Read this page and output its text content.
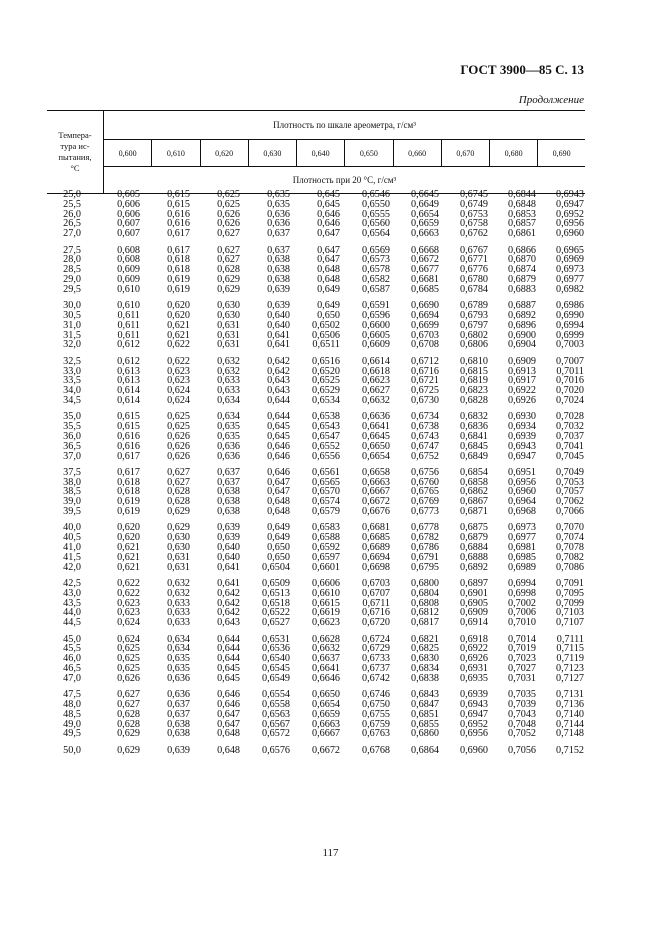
ГОСТ 3900—85 С. 13
Продолжение
Темпера-
тура ис-
пытания,
°С	Плотность по шкале ареометра, г/см³									
	0,600	0,610	0,620	0,630	0,640	0,650	0,660	0,670	0,680	0,690
	Плотность при 20 °С, г/см³									
25,0	0,605	0,615	0,625	0,635	0,645	0,6546	0,6645	0,6745	0,6844	0,6943
25,5	0,606	0,615	0,625	0,635	0,645	0,6550	0,6649	0,6749	0,6848	0,6947
26,0	0,606	0,616	0,626	0,636	0,646	0,6555	0,6654	0,6753	0,6853	0,6952
26,5	0,607	0,616	0,626	0,636	0,646	0,6560	0,6659	0,6758	0,6857	0,6956
27,0	0,607	0,617	0,627	0,637	0,647	0,6564	0,6663	0,6762	0,6861	0,6960
27,5	0,608	0,617	0,627	0,637	0,647	0,6569	0,6668	0,6767	0,6866	0,6965
28,0	0,608	0,618	0,627	0,638	0,647	0,6573	0,6672	0,6771	0,6870	0,6969
28,5	0,609	0,618	0,628	0,638	0,648	0,6578	0,6677	0,6776	0,6874	0,6973
29,0	0,609	0,619	0,629	0,638	0,648	0,6582	0,6681	0,6780	0,6879	0,6977
29,5	0,610	0,619	0,629	0,639	0,649	0,6587	0,6685	0,6784	0,6883	0,6982
30,0	0,610	0,620	0,630	0,639	0,649	0,6591	0,6690	0,6789	0,6887	0,6986
30,5	0,611	0,620	0,630	0,640	0,650	0,6596	0,6694	0,6793	0,6892	0,6990
31,0	0,611	0,621	0,631	0,640	0,6502	0,6600	0,6699	0,6797	0,6896	0,6994
31,5	0,611	0,621	0,631	0,641	0,6506	0,6605	0,6703	0,6802	0,6900	0,6999
32,0	0,612	0,622	0,631	0,641	0,6511	0,6609	0,6708	0,6806	0,6904	0,7003
32,5	0,612	0,622	0,632	0,642	0,6516	0,6614	0,6712	0,6810	0,6909	0,7007
33,0	0,613	0,623	0,632	0,642	0,6520	0,6618	0,6716	0,6815	0,6913	0,7011
33,5	0,613	0,623	0,633	0,643	0,6525	0,6623	0,6721	0,6819	0,6917	0,7016
34,0	0,614	0,624	0,633	0,643	0,6529	0,6627	0,6725	0,6823	0,6922	0,7020
34,5	0,614	0,624	0,634	0,644	0,6534	0,6632	0,6730	0,6828	0,6926	0,7024
35,0	0,615	0,625	0,634	0,644	0,6538	0,6636	0,6734	0,6832	0,6930	0,7028
35,5	0,615	0,625	0,635	0,645	0,6543	0,6641	0,6738	0,6836	0,6934	0,7032
36,0	0,616	0,626	0,635	0,645	0,6547	0,6645	0,6743	0,6841	0,6939	0,7037
36,5	0,616	0,626	0,636	0,646	0,6552	0,6650	0,6747	0,6845	0,6943	0,7041
37,0	0,617	0,626	0,636	0,646	0,6556	0,6654	0,6752	0,6849	0,6947	0,7045
37,5	0,617	0,627	0,637	0,646	0,6561	0,6658	0,6756	0,6854	0,6951	0,7049
38,0	0,618	0,627	0,637	0,647	0,6565	0,6663	0,6760	0,6858	0,6956	0,7053
38,5	0,618	0,628	0,638	0,647	0,6570	0,6667	0,6765	0,6862	0,6960	0,7057
39,0	0,619	0,628	0,638	0,648	0,6574	0,6672	0,6769	0,6867	0,6964	0,7062
39,5	0,619	0,629	0,638	0,648	0,6579	0,6676	0,6773	0,6871	0,6968	0,7066
40,0	0,620	0,629	0,639	0,649	0,6583	0,6681	0,6778	0,6875	0,6973	0,7070
40,5	0,620	0,630	0,639	0,649	0,6588	0,6685	0,6782	0,6879	0,6977	0,7074
41,0	0,621	0,630	0,640	0,650	0,6592	0,6689	0,6786	0,6884	0,6981	0,7078
41,5	0,621	0,631	0,640	0,650	0,6597	0,6694	0,6791	0,6888	0,6985	0,7082
42,0	0,621	0,631	0,641	0,6504	0,6601	0,6698	0,6795	0,6892	0,6989	0,7086
42,5	0,622	0,632	0,641	0,6509	0,6606	0,6703	0,6800	0,6897	0,6994	0,7091
43,0	0,622	0,632	0,642	0,6513	0,6610	0,6707	0,6804	0,6901	0,6998	0,7095
43,5	0,623	0,633	0,642	0,6518	0,6615	0,6711	0,6808	0,6905	0,7002	0,7099
44,0	0,623	0,633	0,642	0,6522	0,6619	0,6716	0,6812	0,6909	0,7006	0,7103
44,5	0,624	0,633	0,643	0,6527	0,6623	0,6720	0,6817	0,6914	0,7010	0,7107
45,0	0,624	0,634	0,644	0,6531	0,6628	0,6724	0,6821	0,6918	0,7014	0,7111
45,5	0,625	0,634	0,644	0,6536	0,6632	0,6729	0,6825	0,6922	0,7019	0,7115
46,0	0,625	0,635	0,644	0,6540	0,6637	0,6733	0,6830	0,6926	0,7023	0,7119
46,5	0,625	0,635	0,645	0,6545	0,6641	0,6737	0,6834	0,6931	0,7027	0,7123
47,0	0,626	0,636	0,645	0,6549	0,6646	0,6742	0,6838	0,6935	0,7031	0,7127
47,5	0,627	0,636	0,646	0,6554	0,6650	0,6746	0,6843	0,6939	0,7035	0,7131
48,0	0,627	0,637	0,646	0,6558	0,6654	0,6750	0,6847	0,6943	0,7039	0,7136
48,5	0,628	0,637	0,647	0,6563	0,6659	0,6755	0,6851	0,6947	0,7043	0,7140
49,0	0,628	0,638	0,647	0,6567	0,6663	0,6759	0,6855	0,6952	0,7048	0,7144
49,5	0,629	0,638	0,648	0,6572	0,6667	0,6763	0,6860	0,6956	0,7052	0,7148
50,0	0,629	0,639	0,648	0,6576	0,6672	0,6768	0,6864	0,6960	0,7056	0,7152
117
